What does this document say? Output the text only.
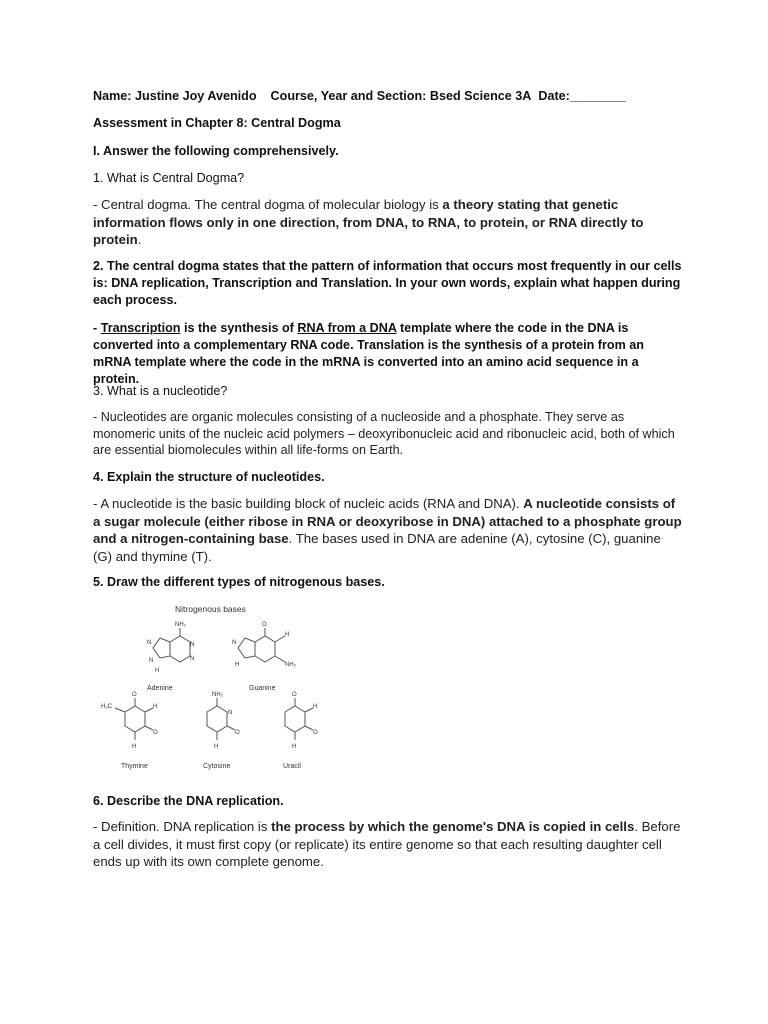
Name: Justine Joy Avenido Course, Year and Section: Bsed Science 3A Date:________

Assessment in Chapter 8: Central Dogma

I. Answer the following comprehensively.

1. What is Central Dogma?

- Central dogma. The central dogma of molecular biology is a theory stating that genetic information flows only in one direction, from DNA, to RNA, to protein, or RNA directly to protein.

2. The central dogma states that the pattern of information that occurs most frequently in our cells is: DNA replication, Transcription and Translation. In your own words, explain what happen during each process.

- Transcription is the synthesis of RNA from a DNA template where the code in the DNA is converted into a complementary RNA code. Translation is the synthesis of a protein from an mRNA template where the code in the mRNA is converted into an amino acid sequence in a protein.

3. What is a nucleotide?

- Nucleotides are organic molecules consisting of a nucleoside and a phosphate. They serve as monomeric units of the nucleic acid polymers – deoxyribonucleic acid and ribonucleic acid, both of which are essential biomolecules within all life-forms on Earth.

4. Explain the structure of nucleotides.

- A nucleotide is the basic building block of nucleic acids (RNA and DNA). A nucleotide consists of a sugar molecule (either ribose in RNA or deoxyribose in DNA) attached to a phosphate group and a nitrogen-containing base. The bases used in DNA are adenine (A), cytosine (C), guanine (G) and thymine (T).

5. Draw the different types of nitrogenous bases.

Nitrogenous bases
NH₂
N
N
N
N
H
Adenine
O
H
NH₂
N
H
Guanine
O
H
H₃C
O
H
Thymine
NH₂
N
O
H
Cytosine
O
H
O
H
Uracil

6. Describe the DNA replication.

- Definition. DNA replication is the process by which the genome's DNA is copied in cells. Before a cell divides, it must first copy (or replicate) its entire genome so that each resulting daughter cell ends up with its own complete genome.
